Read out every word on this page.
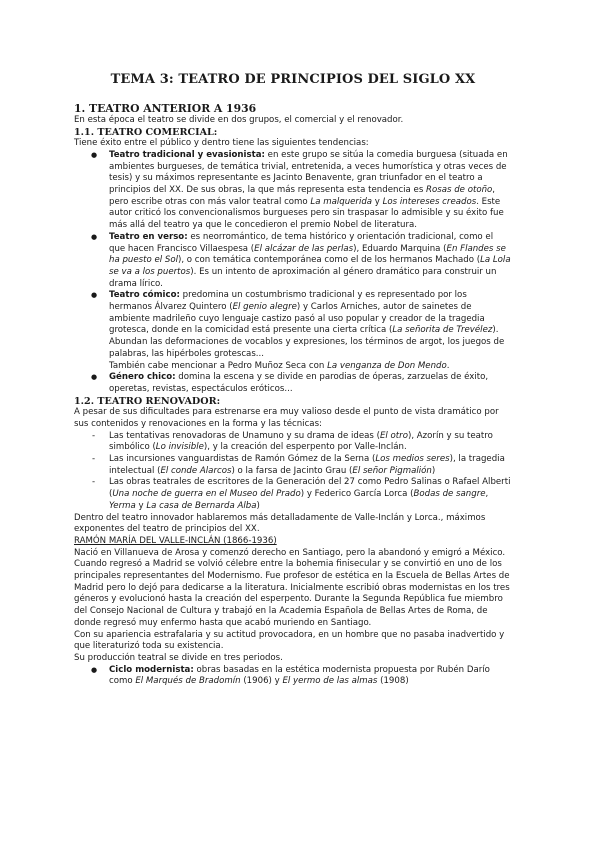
TEMA 3: TEATRO DE PRINCIPIOS DEL SIGLO XX
1. TEATRO ANTERIOR A 1936

En esta época el teatro se divide en dos grupos, el comercial y el renovador.

1.1. TEATRO COMERCIAL:

Tiene éxito entre el público y dentro tiene las siguientes tendencias:

● Teatro tradicional y evasionista: en este grupo se sitúa la comedia burguesa (situada en ambientes burgueses, de temática trivial, entretenida, a veces humorística y otras veces de tesis) y su máximos representante es Jacinto Benavente, gran triunfador en el teatro a principios del XX. De sus obras, la que más representa esta tendencia es Rosas de otoño, pero escribe otras con más valor teatral como La malquerida y Los intereses creados. Este autor criticó los convencionalismos burgueses pero sin traspasar lo admisible y su éxito fue más allá del teatro ya que le concedieron el premio Nobel de literatura.
● Teatro en verso: es neorromántico, de tema histórico y orientación tradicional, como el que hacen Francisco Villaespesa (El alcázar de las perlas), Eduardo Marquina (En Flandes se ha puesto el Sol), o con temática contemporánea como el de los hermanos Machado (La Lola se va a los puertos). Es un intento de aproximación al género dramático para construir un drama lírico.
● Teatro cómico: predomina un costumbrismo tradicional y es representado por los hermanos Álvarez Quintero (El genio alegre) y Carlos Arniches, autor de sainetes de ambiente madrileño cuyo lenguaje castizo pasó al uso popular y creador de la tragedia grotesca, donde en la comicidad está presente una cierta crítica (La señorita de Trevélez). Abundan las deformaciones de vocablos y expresiones, los términos de argot, los juegos de palabras, las hipérboles grotescas...
También cabe mencionar a Pedro Muñoz Seca con La venganza de Don Mendo.
● Género chico: domina la escena y se divide en parodias de óperas, zarzuelas de éxito, operetas, revistas, espectáculos eróticos...
1.2. TEATRO RENOVADOR:

A pesar de sus dificultades para estrenarse era muy valioso desde el punto de vista dramático por sus contenidos y renovaciones en la forma y las técnicas:

- Las tentativas renovadoras de Unamuno y su drama de ideas (El otro), Azorín y su teatro simbólico (Lo invisible), y la creación del esperpento por Valle-Inclán.
- Las incursiones vanguardistas de Ramón Gómez de la Serna (Los medios seres), la tragedia intelectual (El conde Alarcos) o la farsa de Jacinto Grau (El señor Pigmalión)
- Las obras teatrales de escritores de la Generación del 27 como Pedro Salinas o Rafael Alberti (Una noche de guerra en el Museo del Prado) y Federico García Lorca (Bodas de sangre, Yerma y La casa de Bernarda Alba)

Dentro del teatro innovador hablaremos más detalladamente de Valle-Inclán y Lorca., máximos exponentes del teatro de principios del XX.

RAMÓN MARÍA DEL VALLE-INCLÁN (1866-1936)

Nació en Villanueva de Arosa y comenzó derecho en Santiago, pero la abandonó y emigró a México. Cuando regresó a Madrid se volvió célebre entre la bohemia finisecular y se convirtió en uno de los principales representantes del Modernismo. Fue profesor de estética en la Escuela de Bellas Artes de Madrid pero lo dejó para dedicarse a la literatura. Inicialmente escribió obras modernistas en los tres géneros y evolucionó hasta la creación del esperpento. Durante la Segunda República fue miembro del Consejo Nacional de Cultura y trabajó en la Academia Española de Bellas Artes de Roma, de donde regresó muy enfermo hasta que acabó muriendo en Santiago.

Con su apariencia estrafalaria y su actitud provocadora, en un hombre que no pasaba inadvertido y que literaturizó toda su existencia.

Su producción teatral se divide en tres periodos.

● Ciclo modernista: obras basadas en la estética modernista propuesta por Rubén Darío como El Marqués de Bradomín (1906) y El yermo de las almas (1908)
